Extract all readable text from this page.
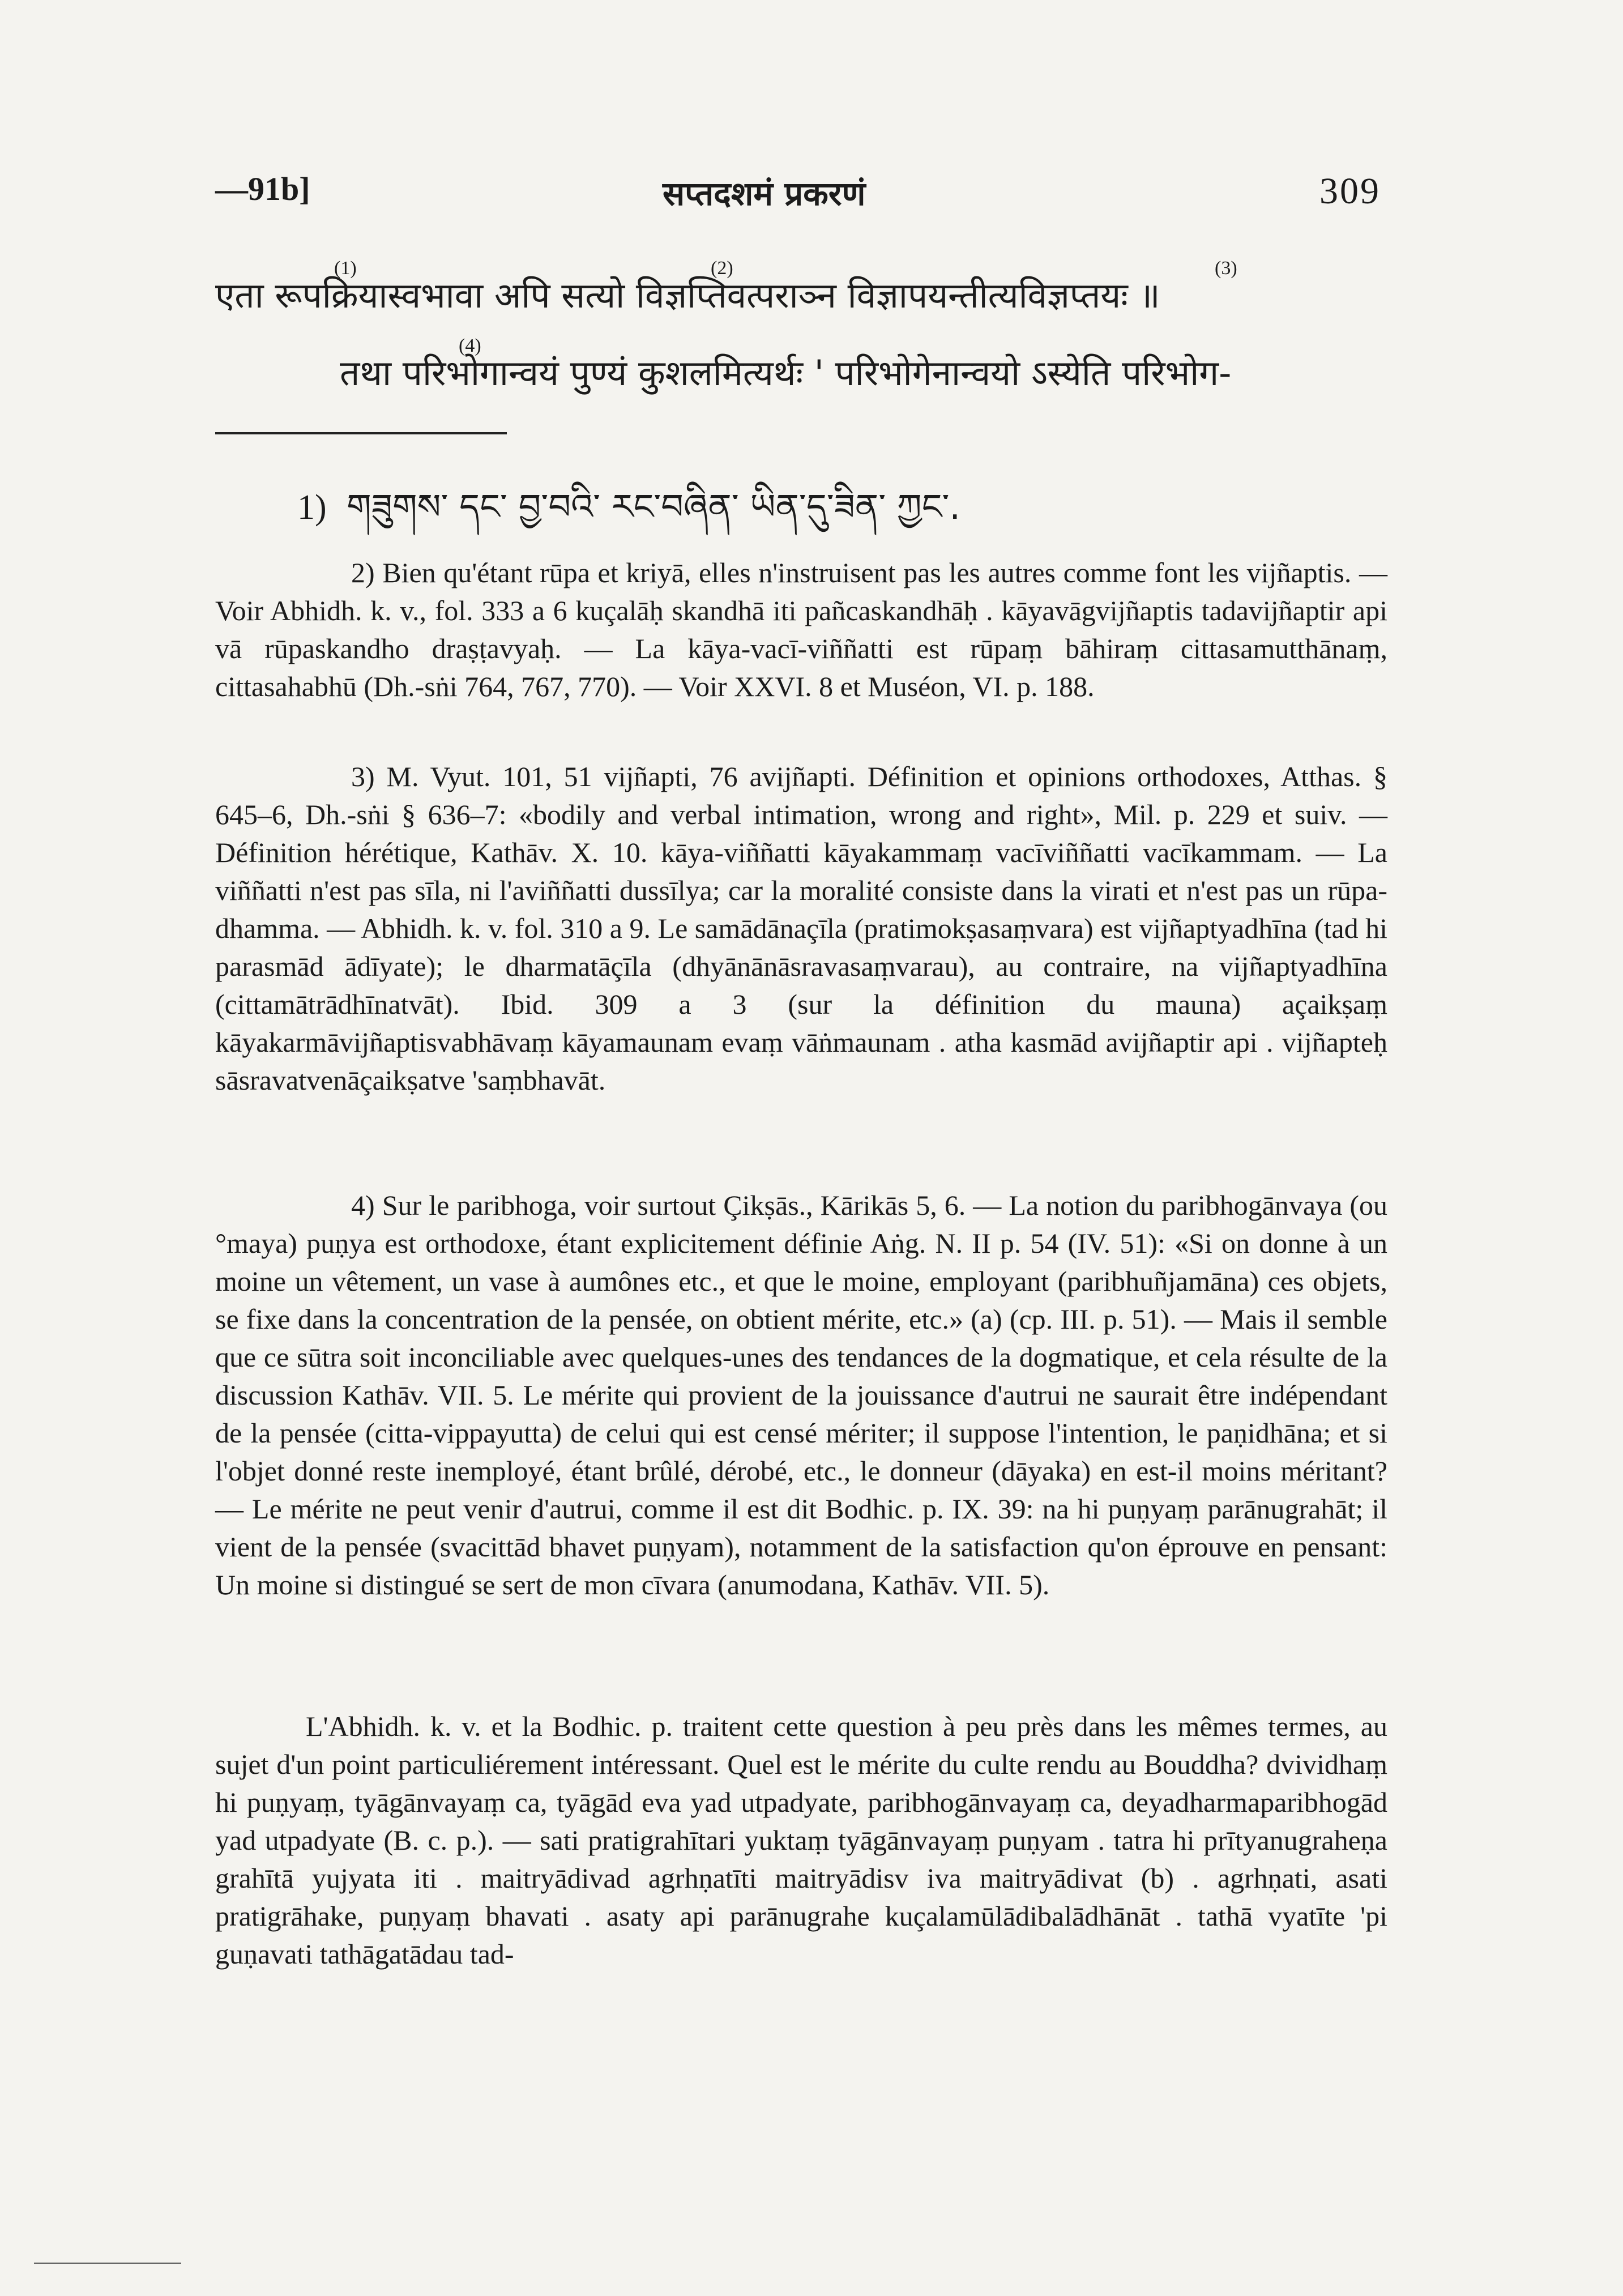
—91b]	सप्तदशमं प्रकरणं	309
(1)	(2)	(3)
(4)
एता रूपक्रियास्वभावा अपि सत्यो विज्ञप्तिवत्पराञ्न विज्ञापयन्तीत्यविज्ञप्तयः ॥
तथा परिभोगान्वयं पुण्यं कुशलमित्यर्थः ' परिभोगेनान्वयो ऽस्येति परिभोग-
1) གཟུགས་ དང་ བྱ་བའི་ རང་བཞིན་ ཡིན་དུ་ཟིན་ ཀྱང་.
2) Bien qu'étant rūpa et kriyā, elles n'instruisent pas les autres comme font les vijñaptis. — Voir Abhidh. k. v., fol. 333 a 6 kuçalāḥ skandhā iti pañcaskandhāḥ . kāyavāgvijñaptis tadavijñaptir api vā rūpaskandho draṣṭavyaḥ. — La kāya-vacī-viññatti est rūpaṃ bāhiraṃ cittasamutthānaṃ, cittasahabhū (Dh.-sṅi 764, 767, 770). — Voir XXVI. 8 et Muséon, VI. p. 188.
3) M. Vyut. 101, 51 vijñapti, 76 avijñapti. Définition et opinions orthodoxes, Atthas. § 645–6, Dh.-sṅi § 636–7: «bodily and verbal intimation, wrong and right», Mil. p. 229 et suiv. — Définition hérétique, Kathāv. X. 10. kāya-viññatti kāyakammaṃ vacīviññatti vacīkammam. — La viññatti n'est pas sīla, ni l'aviññatti dussīlya; car la moralité consiste dans la virati et n'est pas un rūpa-dhamma. — Abhidh. k. v. fol. 310 a 9. Le samādānaçīla (pratimokṣasaṃvara) est vijñaptyadhīna (tad hi parasmād ādīyate); le dharmatāçīla (dhyānānāsravasaṃvarau), au contraire, na vijñaptyadhīna (cittamātrādhīnatvāt). Ibid. 309 a 3 (sur la définition du mauna) açaikṣaṃ kāyakarmāvijñaptisvabhāvaṃ kāyamaunam evaṃ vāṅmaunam . atha kasmād avijñaptir api . vijñapteḥ sāsravatvenāçaikṣatve 'saṃbhavāt.
4) Sur le paribhoga, voir surtout Çikṣās., Kārikās 5, 6. — La notion du paribhogānvaya (ou °maya) puṇya est orthodoxe, étant explicitement définie Aṅg. N. II p. 54 (IV. 51): «Si on donne à un moine un vêtement, un vase à aumônes etc., et que le moine, employant (paribhuñjamāna) ces objets, se fixe dans la concentration de la pensée, on obtient mérite, etc.» (a) (cp. III. p. 51). — Mais il semble que ce sūtra soit inconciliable avec quelques-unes des tendances de la dogmatique, et cela résulte de la discussion Kathāv. VII. 5. Le mérite qui provient de la jouissance d'autrui ne saurait être indépendant de la pensée (citta-vippayutta) de celui qui est censé mériter; il suppose l'intention, le paṇidhāna; et si l'objet donné reste inemployé, étant brûlé, dérobé, etc., le donneur (dāyaka) en est-il moins méritant? — Le mérite ne peut venir d'autrui, comme il est dit Bodhic. p. IX. 39: na hi puṇyaṃ parānugrahāt; il vient de la pensée (svacittād bhavet puṇyam), notamment de la satisfaction qu'on éprouve en pensant: Un moine si distingué se sert de mon cīvara (anumodana, Kathāv. VII. 5).
L'Abhidh. k. v. et la Bodhic. p. traitent cette question à peu près dans les mêmes termes, au sujet d'un point particuliérement intéressant. Quel est le mérite du culte rendu au Bouddha? dvividhaṃ hi puṇyaṃ, tyāgānvayaṃ ca, tyāgād eva yad utpadyate, paribhogānvayaṃ ca, deyadharmaparibhogād yad utpadyate (B. c. p.). — sati pratigrahītari yuktaṃ tyāgānvayaṃ puṇyam . tatra hi prītyanugraheṇa grahītā yujyata iti . maitryādivad agrhṇatīti maitryādisv iva maitryādivat (b) . agrhṇati, asati pratigrāhake, puṇyaṃ bhavati . asaty api parānugrahe kuçalamūlādibalādhānāt . tathā vyatīte 'pi guṇavati tathāgatādau tad-
